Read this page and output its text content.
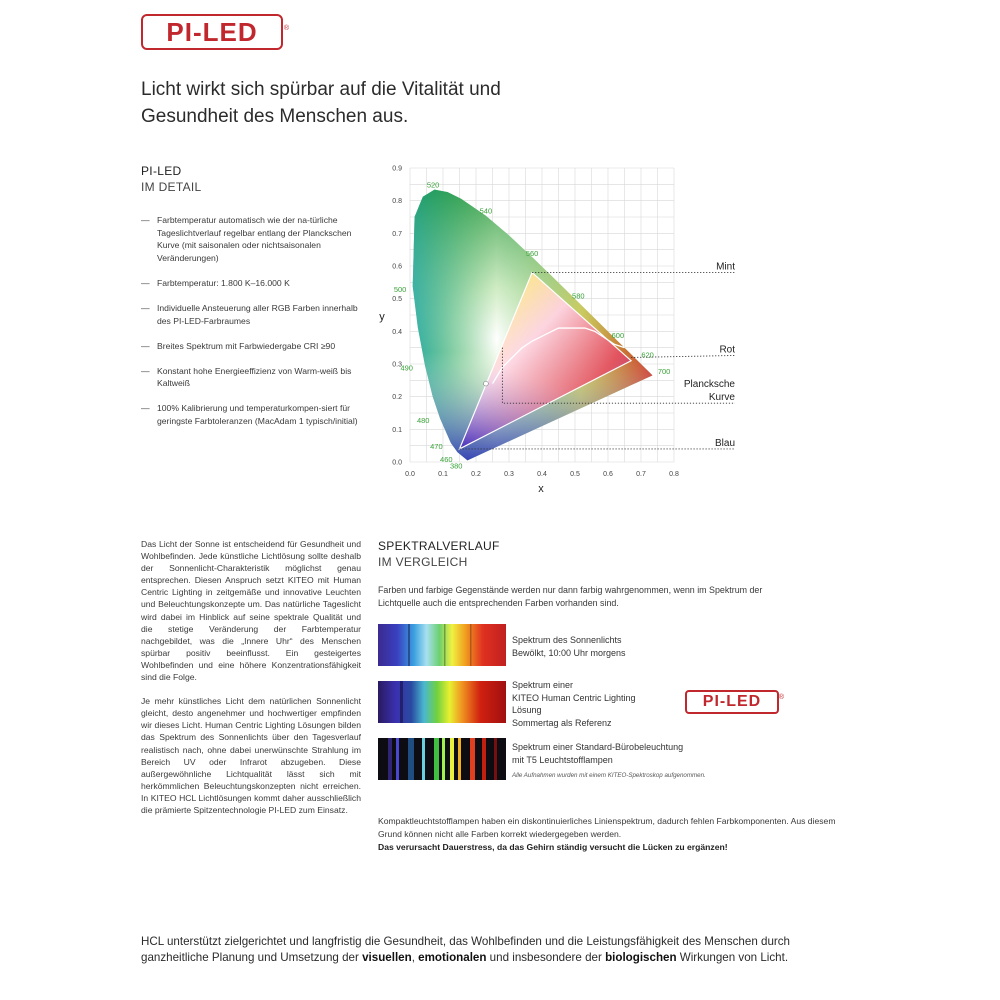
PI-LED	®
Licht wirkt sich spürbar auf die Vitalität und
Gesundheit des Menschen aus.
PI-LED
IM DETAIL
— Farbtemperatur automatisch wie der na-türliche Tageslichtverlauf regelbar entlang der Planckschen Kurve (mit saisonalen oder nichtsaisonalen Veränderungen)
— Farbtemperatur: 1.800 K–16.000 K
— Individuelle Ansteuerung aller RGB Farben innerhalb des PI-LED-Farbraumes
— Breites Spektrum mit Farbwiedergabe CRI ≥90
— Konstant hohe Energieeffizienz von Warm-weiß bis Kaltweiß
— 100% Kalibrierung und temperaturkompen-siert für geringste Farbtoleranzen (MacAdam 1 typisch/initial)
0.0	0.1	0.2	0.3	0.4	0.5	0.6	0.7	0.8
0.0
0.1
0.2
0.3
0.4
0.5
0.6
0.7
0.8
0.9
520
540
560
580
600
620
700
500
490
480
470
460
380
Mint
Rot
Plancksche
Kurve
Blau
x
y

Das Licht der Sonne ist entscheidend für Gesundheit und Wohlbefinden. Jede künstliche Lichtlösung sollte deshalb der Sonnenlicht-Charakteristik möglichst genau entsprechen. Diesen Anspruch setzt KITEO mit Human Centric Lighting in zeitgemäße und innovative Leuchten und Beleuchtungskonzepte um. Das natürliche Tageslicht wird dabei im Hinblick auf seine spektrale Qualität und die stetige Veränderung der Farbtemperatur nachgebildet, was die „Innere Uhr“ des Menschen spürbar positiv beeinflusst. Ein gesteigertes Wohlbefinden und eine höhere Konzentrationsfähigkeit sind die Folge.

Je mehr künstliches Licht dem natürlichen Sonnenlicht gleicht, desto angenehmer und hochwertiger empfinden wir dieses Licht. Human Centric Lighting Lösungen bilden das Spektrum des Sonnenlichts über den Tagesverlauf realistisch nach, ohne dabei unerwünschte Strahlung im Bereich UV oder Infrarot abzugeben. Diese außergewöhnliche Lichtqualität lässt sich mit herkömmlichen Beleuchtungskonzepten nicht erreichen. In KITEO HCL Lichtlösungen kommt daher ausschließlich die prämierte Spitzentechnologie PI-LED zum Einsatz.

SPEKTRALVERLAUF
IM VERGLEICH
Farben und farbige Gegenstände werden nur dann farbig wahrgenommen, wenn im Spektrum der Lichtquelle auch die entsprechenden Farben vorhanden sind.
Spektrum des Sonnenlichts
Bewölkt, 10:00 Uhr morgens
Spektrum einer
KITEO Human Centric Lighting
Lösung
Sommertag als Referenz
PI-LED	®
Spektrum einer Standard-Bürobeleuchtung
mit T5 Leuchtstofflampen
Alle Aufnahmen wurden mit einem KITEO-Spektroskop aufgenommen.
Kompaktleuchtstofflampen haben ein diskontinuierliches Linienspektrum, dadurch fehlen Farbkomponenten. Aus diesem Grund können nicht alle Farben korrekt wiedergegeben werden.
Das verursacht Dauerstress, da das Gehirn ständig versucht die Lücken zu ergänzen!
HCL unterstützt zielgerichtet und langfristig die Gesundheit, das Wohlbefinden und die Leistungsfähigkeit des Menschen durch ganzheitliche Planung und Umsetzung der visuellen, emotionalen und insbesondere der biologischen Wirkungen von Licht.
